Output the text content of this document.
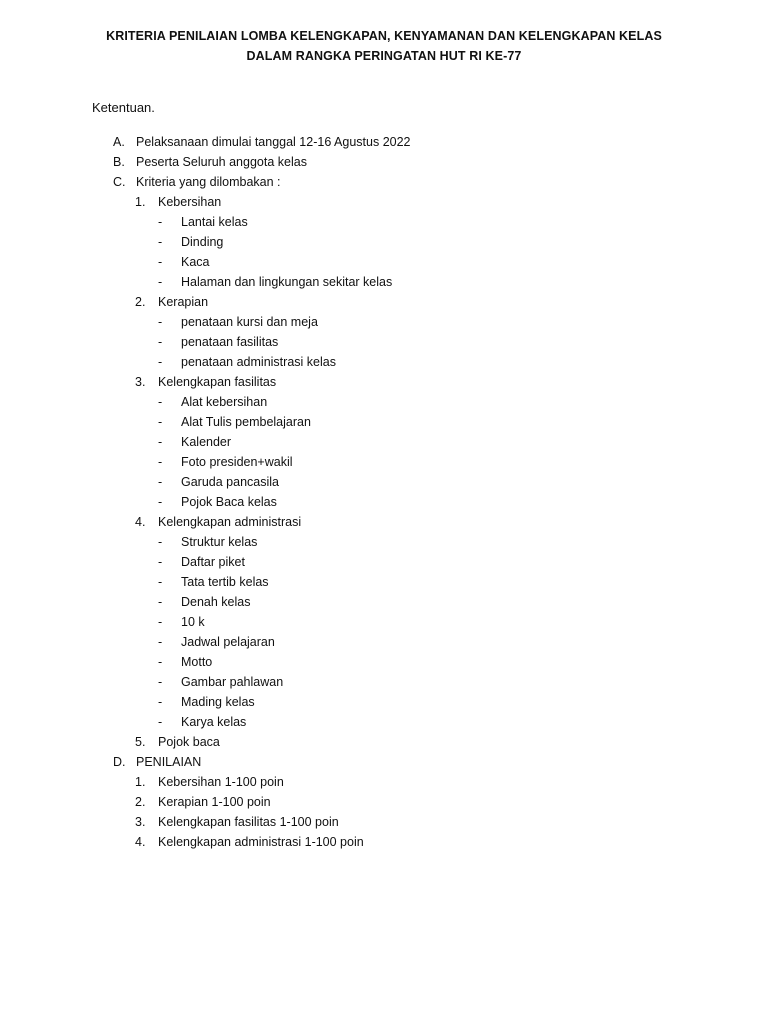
KRITERIA PENILAIAN LOMBA KELENGKAPAN, KENYAMANAN DAN KELENGKAPAN KELAS
DALAM RANGKA PERINGATAN HUT RI KE-77
Ketentuan.
A. Pelaksanaan dimulai tanggal 12-16 Agustus 2022
B. Peserta Seluruh anggota kelas
C. Kriteria yang dilombakan :
1. Kebersihan
- Lantai kelas
- Dinding
- Kaca
- Halaman dan lingkungan sekitar kelas
2. Kerapian
- penataan kursi dan meja
- penataan fasilitas
- penataan administrasi kelas
3. Kelengkapan fasilitas
- Alat kebersihan
- Alat Tulis pembelajaran
- Kalender
- Foto presiden+wakil
- Garuda pancasila
- Pojok Baca kelas
4. Kelengkapan administrasi
- Struktur kelas
- Daftar piket
- Tata tertib kelas
- Denah kelas
- 10 k
- Jadwal pelajaran
- Motto
- Gambar pahlawan
- Mading kelas
- Karya kelas
5. Pojok baca
D. PENILAIAN
1. Kebersihan 1-100 poin
2. Kerapian 1-100 poin
3. Kelengkapan fasilitas 1-100 poin
4. Kelengkapan administrasi 1-100 poin
